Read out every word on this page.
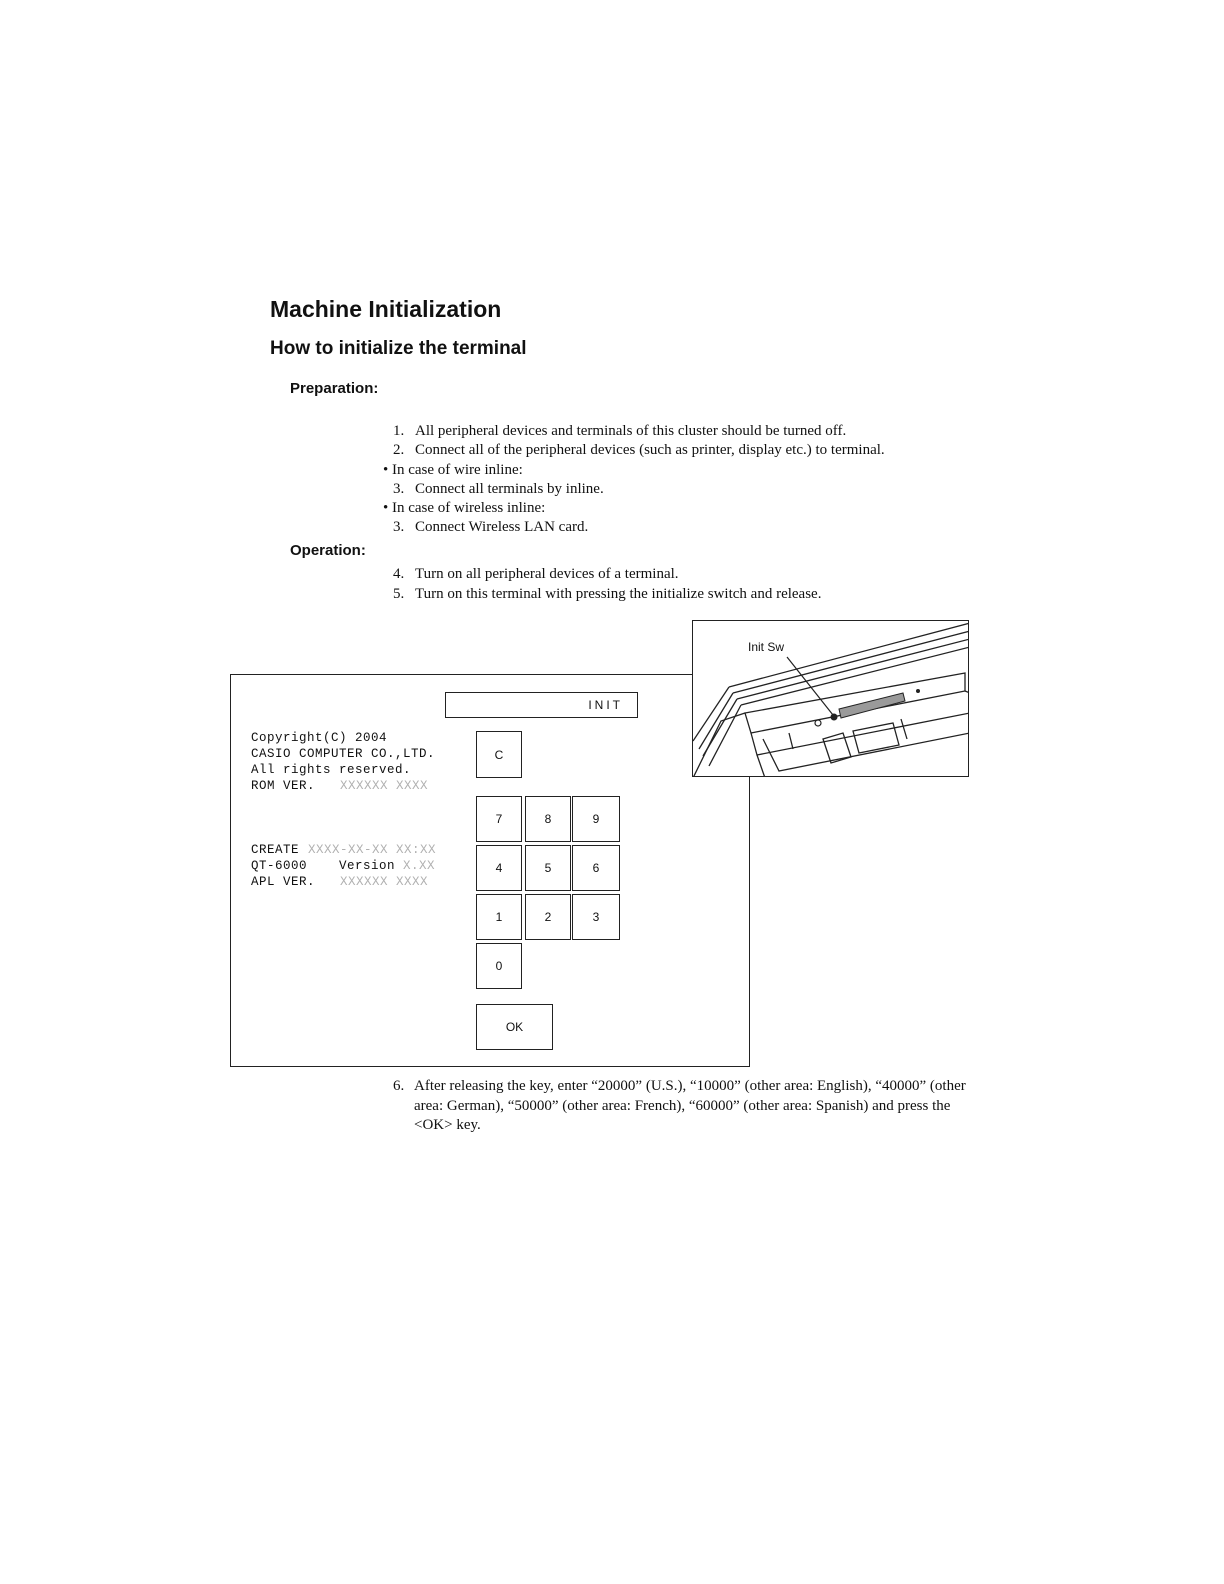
Machine Initialization
How to initialize the terminal
Preparation:
1. All peripheral devices and terminals of this cluster should be turned off.
2. Connect all of the peripheral devices (such as printer, display etc.) to terminal.
• In case of wire inline:
3. Connect all terminals by inline.
• In case of wireless inline:
3. Connect Wireless LAN card.
Operation:
4. Turn on all peripheral devices of a terminal.
5. Turn on this terminal with pressing the initialize switch and release.
INIT
Copyright(C) 2004
CASIO COMPUTER CO.,LTD.
All rights reserved.
ROM VER. XXXXXX XXXX
CREATE XXXX-XX-XX XX:XX
QT-6000	Version X.XX
APL VER. XXXXXX XXXX
C
7	8	9
4	5	6
1	2	3
0
OK
Init Sw
6. After releasing the key, enter “20000” (U.S.), “10000” (other area: English), “40000” (other area: German), “50000” (other area: French), “60000” (other area: Spanish) and press the <OK> key.
